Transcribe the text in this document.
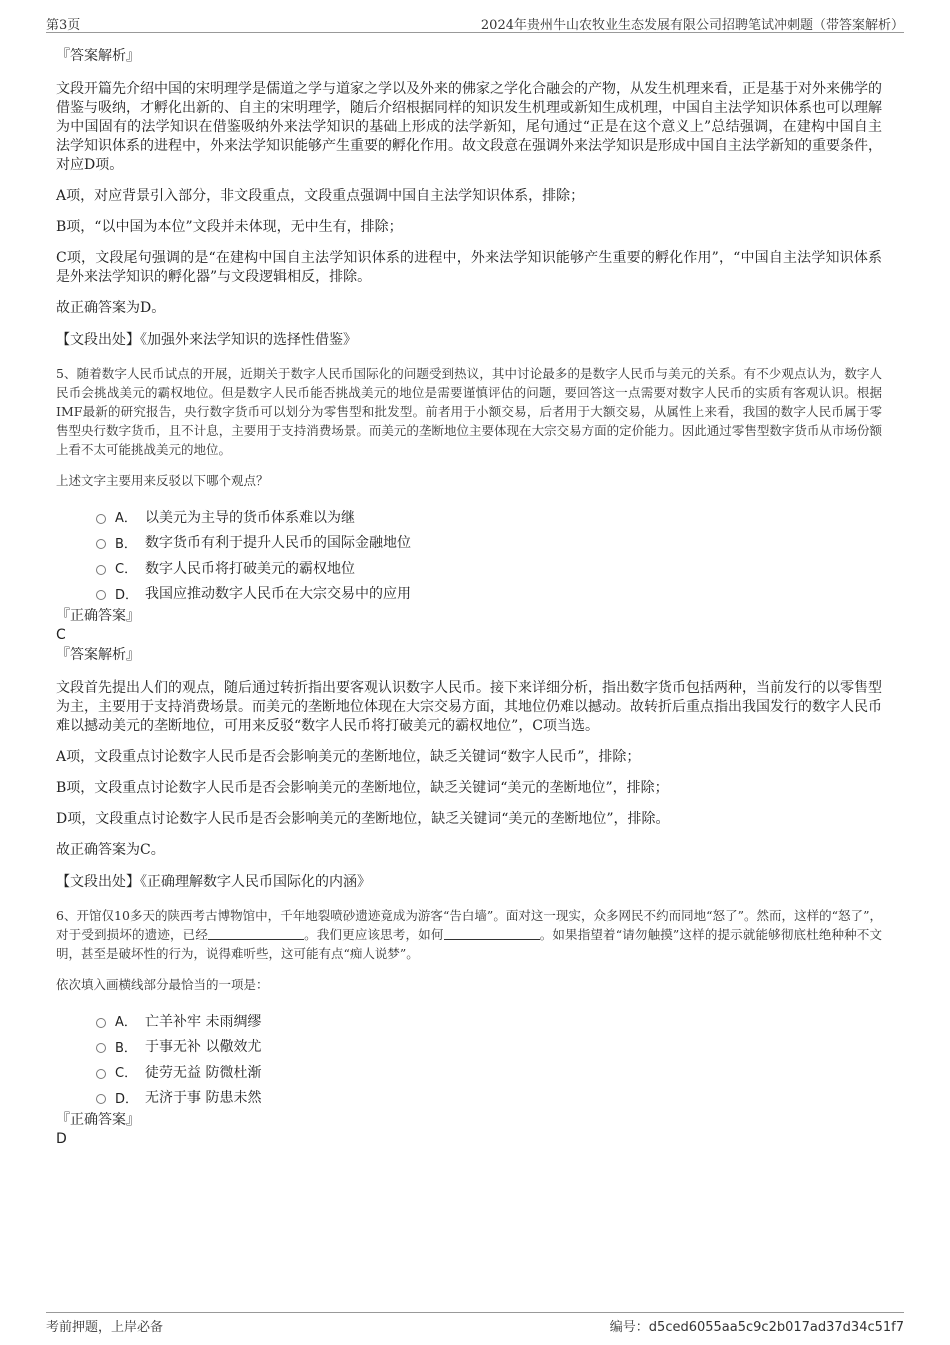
第3页	2024年贵州牛山农牧业生态发展有限公司招聘笔试冲刺题（带答案解析）

『答案解析』

文段开篇先介绍中国的宋明理学是儒道之学与道家之学以及外来的佛家之学化合融会的产物，从发生机理来看，正是基于对外来佛学的借鉴与吸纳，才孵化出新的、自主的宋明理学，随后介绍根据同样的知识发生机理或新知生成机理，中国自主法学知识体系也可以理解为中国固有的法学知识在借鉴吸纳外来法学知识的基础上形成的法学新知，尾句通过“正是在这个意义上”总结强调，在建构中国自主法学知识体系的进程中，外来法学知识能够产生重要的孵化作用。故文段意在强调外来法学知识是形成中国自主法学新知的重要条件，对应D项。

A项，对应背景引入部分，非文段重点，文段重点强调中国自主法学知识体系，排除；

B项，“以中国为本位”文段并未体现，无中生有，排除；

C项，文段尾句强调的是“在建构中国自主法学知识体系的进程中，外来法学知识能够产生重要的孵化作用”，“中国自主法学知识体系是外来法学知识的孵化器”与文段逻辑相反，排除。

故正确答案为D。

【文段出处】《加强外来法学知识的选择性借鉴》

5、随着数字人民币试点的开展，近期关于数字人民币国际化的问题受到热议，其中讨论最多的是数字人民币与美元的关系。有不少观点认为，数字人民币会挑战美元的霸权地位。但是数字人民币能否挑战美元的地位是需要谨慎评估的问题，要回答这一点需要对数字人民币的实质有客观认识。根据IMF最新的研究报告，央行数字货币可以划分为零售型和批发型。前者用于小额交易，后者用于大额交易，从属性上来看，我国的数字人民币属于零售型央行数字货币，且不计息，主要用于支持消费场景。而美元的垄断地位主要体现在大宗交易方面的定价能力。因此通过零售型数字货币从市场份额上看不太可能挑战美元的地位。

上述文字主要用来反驳以下哪个观点？

A． 以美元为主导的货币体系难以为继
B． 数字货币有利于提升人民币的国际金融地位
C． 数字人民币将打破美元的霸权地位
D． 我国应推动数字人民币在大宗交易中的应用

『正确答案』

C

『答案解析』

文段首先提出人们的观点，随后通过转折指出要客观认识数字人民币。接下来详细分析，指出数字货币包括两种，当前发行的以零售型为主，主要用于支持消费场景。而美元的垄断地位体现在大宗交易方面，其地位仍难以撼动。故转折后重点指出我国发行的数字人民币难以撼动美元的垄断地位，可用来反驳“数字人民币将打破美元的霸权地位”，C项当选。

A项，文段重点讨论数字人民币是否会影响美元的垄断地位，缺乏关键词“数字人民币”，排除；

B项，文段重点讨论数字人民币是否会影响美元的垄断地位，缺乏关键词“美元的垄断地位”，排除；

D项，文段重点讨论数字人民币是否会影响美元的垄断地位，缺乏关键词“美元的垄断地位”，排除。

故正确答案为C。

【文段出处】《正确理解数字人民币国际化的内涵》

6、开馆仅10多天的陕西考古博物馆中，千年地裂喷砂遗迹竟成为游客“告白墙”。面对这一现实，众多网民不约而同地“怒了”。然而，这样的“怒了”，对于受到损坏的遗迹，已经	。我们更应该思考，如何	。如果指望着“请勿触摸”这样的提示就能够彻底杜绝种种不文明，甚至是破坏性的行为，说得难听些，这可能有点“痴人说梦”。

依次填入画横线部分最恰当的一项是：

A． 亡羊补牢 未雨绸缪
B． 于事无补 以儆效尤
C． 徒劳无益 防微杜渐
D． 无济于事 防患未然

『正确答案』

D

考前押题，上岸必备	编号：d5ced6055aa5c9c2b017ad37d34c51f7
